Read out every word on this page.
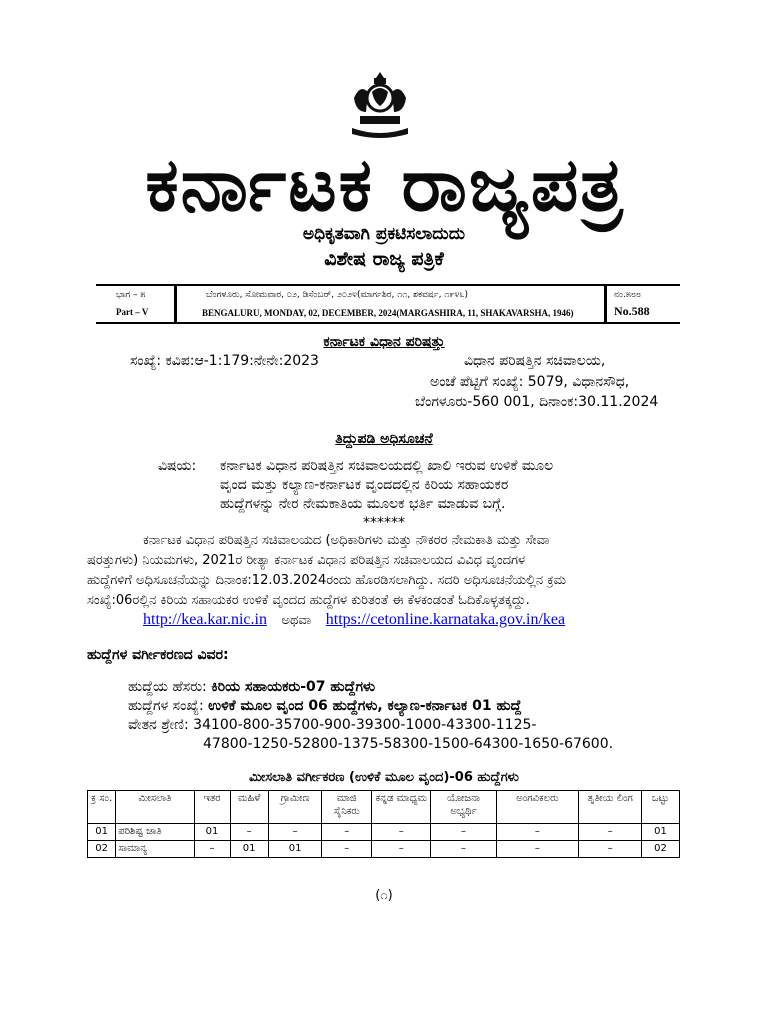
ಕರ್ನಾಟಕ ರಾಜ್ಯಪತ್ರ
ಅಧಿಕೃತವಾಗಿ ಪ್ರಕಟಿಸಲಾದುದು
ವಿಶೇಷ ರಾಜ್ಯ ಪತ್ರಿಕೆ
ಭಾಗ – ೫
Part – V
ಬೆಂಗಳೂರು, ಸೋಮವಾರ, ೦೨, ಡಿಸೆಂಬರ್, ೨೦೨೪(ಮಾರ್ಗಶಿರ, ೧೧, ಶಕವರ್ಷ, ೧೯೪೬)
BENGALURU, MONDAY, 02, DECEMBER, 2024(MARGASHIRA, 11, SHAKAVARSHA, 1946)
ನಂ.೫೮೮
No.588
ಕರ್ನಾಟಕ ವಿಧಾನ ಪರಿಷತ್ತು
ಸಂಖ್ಯೆ: ಕವಿಪ:ಆ-1:179:ನೇನೇ:2023	ವಿಧಾನ ಪರಿಷತ್ತಿನ ಸಚಿವಾಲಯ,
ಅಂಚೆ ಪೆಟ್ಟಿಗೆ ಸಂಖ್ಯೆ: 5079, ವಿಧಾನಸೌಧ,
ಬೆಂಗಳೂರು-560 001, ದಿನಾಂಕ:30.11.2024
ತಿದ್ದುಪಡಿ ಅಧಿಸೂಚನೆ
ವಿಷಯ: ಕರ್ನಾಟಕ ವಿಧಾನ ಪರಿಷತ್ತಿನ ಸಚಿವಾಲಯದಲ್ಲಿ ಖಾಲಿ ಇರುವ ಉಳಿಕೆ ಮೂಲ
ವೃಂದ ಮತ್ತು ಕಲ್ಯಾಣ-ಕರ್ನಾಟಕ ವೃಂದದಲ್ಲಿನ ಕಿರಿಯ ಸಹಾಯಕರ
ಹುದ್ದೆಗಳನ್ನು ನೇರ ನೇಮಕಾತಿಯ ಮೂಲಕ ಭರ್ತಿ ಮಾಡುವ ಬಗ್ಗೆ.
******
ಕರ್ನಾಟಕ ವಿಧಾನ ಪರಿಷತ್ತಿನ ಸಚಿವಾಲಯದ (ಅಧಿಕಾರಿಗಳು ಮತ್ತು ನೌಕರರ ನೇಮಕಾತಿ ಮತ್ತು ಸೇವಾ
ಷರತ್ತುಗಳು) ನಿಯಮಗಳು, 2021ರ ರೀತ್ಯಾ ಕರ್ನಾಟಕ ವಿಧಾನ ಪರಿಷತ್ತಿನ ಸಚಿವಾಲಯದ ವಿವಿಧ ವೃಂದಗಳ
ಹುದ್ದೆಗಳಿಗೆ ಅಧಿಸೂಚನೆಯನ್ನು ದಿನಾಂಕ:12.03.2024ರಂದು ಹೊರಡಿಸಲಾಗಿದ್ದು. ಸದರಿ ಅಧಿಸೂಚನೆಯಲ್ಲಿನ ಕ್ರಮ
ಸಂಖ್ಯೆ:06ರಲ್ಲಿನ ಕಿರಿಯ ಸಹಾಯಕರ ಉಳಿಕೆ ವೃಂದದ ಹುದ್ದೆಗಳ ಕುರಿತಂತೆ ಈ ಕೆಳಕಂಡಂತೆ ಓದಿಕೊಳ್ಳತಕ್ಕದ್ದು.
http://kea.kar.nic.in ಅಥವಾ https://cetonline.karnataka.gov.in/kea
ಹುದ್ದೆಗಳ ವರ್ಗೀಕರಣದ ವಿವರ:
ಹುದ್ದೆಯ ಹೆಸರು: ಕಿರಿಯ ಸಹಾಯಕರು-07 ಹುದ್ದೆಗಳು
ಹುದ್ದೆಗಳ ಸಂಖ್ಯೆ: ಉಳಿಕೆ ಮೂಲ ವೃಂದ 06 ಹುದ್ದೆಗಳು, ಕಲ್ಯಾಣ-ಕರ್ನಾಟಕ 01 ಹುದ್ದೆ
ವೇತನ ಶ್ರೇಣಿ: 34100-800-35700-900-39300-1000-43300-1125-
47800-1250-52800-1375-58300-1500-64300-1650-67600.
ಮೀಸಲಾತಿ ವರ್ಗೀಕರಣ (ಉಳಿಕೆ ಮೂಲ ವೃಂದ)-06 ಹುದ್ದೆಗಳು
ಕ್ರ ಸಂ.	ಮೀಸಲಾತಿ	ಇತರ	ಮಹಿಳೆ	ಗ್ರಾಮೀಣ	ಮಾಜಿ ಸೈನಿಕರು	ಕನ್ನಡ ಮಾಧ್ಯಮ	ಯೋಜನಾ ಅಭ್ಯರ್ಥಿ	ಅಂಗವಿಕಲರು	ತೃತೀಯ ಲಿಂಗ	ಒಟ್ಟು
01	ಪರಿಶಿಷ್ಟ ಜಾತಿ	01	–	–	–	–	–	–	–	01
02	ಸಾಮಾನ್ಯ	–	01	01	–	–	–	–	–	02
(೧)
